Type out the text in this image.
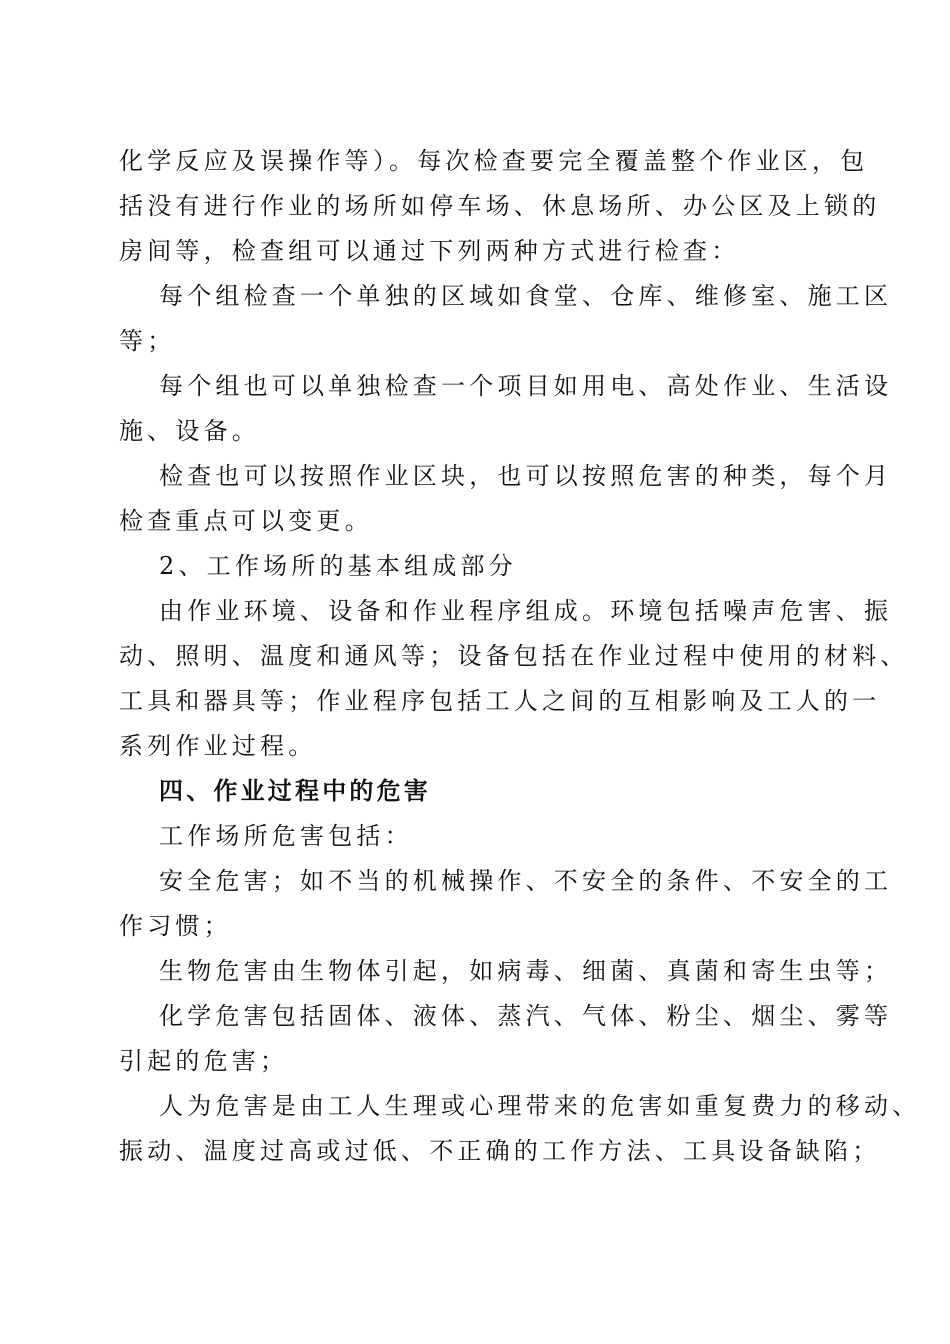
化学反应及误操作等）。每次检查要完全覆盖整个作业区，包
括没有进行作业的场所如停车场、休息场所、办公区及上锁的
房间等，检查组可以通过下列两种方式进行检查：
每个组检查一个单独的区域如食堂、仓库、维修室、施工区
等；
每个组也可以单独检查一个项目如用电、高处作业、生活设
施、设备。
检查也可以按照作业区块，也可以按照危害的种类，每个月
检查重点可以变更。
2、工作场所的基本组成部分
由作业环境、设备和作业程序组成。环境包括噪声危害、振
动、照明、温度和通风等；设备包括在作业过程中使用的材料、
工具和器具等；作业程序包括工人之间的互相影响及工人的一
系列作业过程。
四、作业过程中的危害
工作场所危害包括：
安全危害；如不当的机械操作、不安全的条件、不安全的工
作习惯；
生物危害由生物体引起，如病毒、细菌、真菌和寄生虫等；
化学危害包括固体、液体、蒸汽、气体、粉尘、烟尘、雾等
引起的危害；
人为危害是由工人生理或心理带来的危害如重复费力的移动、
振动、温度过高或过低、不正确的工作方法、工具设备缺陷；
